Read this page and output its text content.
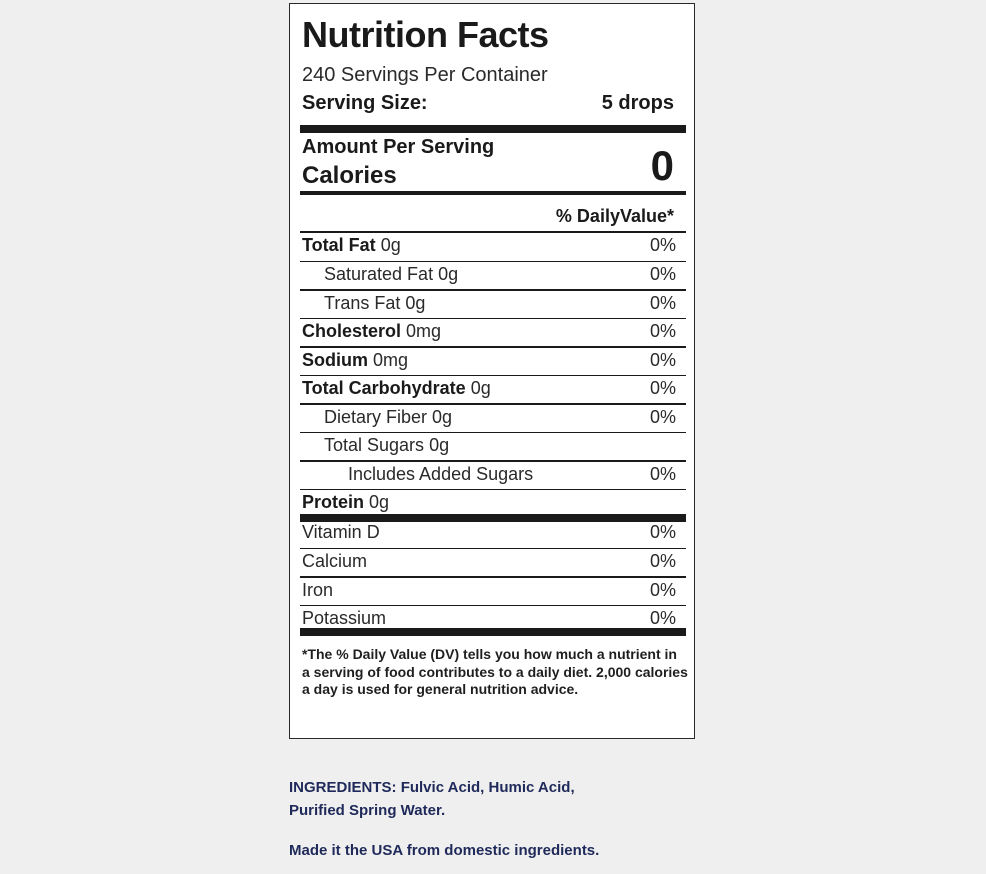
Nutrition Facts
240 Servings Per Container
Serving Size:	5 drops
Amount Per Serving
Calories	0
% DailyValue*
Total Fat 0g	0%
Saturated Fat 0g	0%
Trans Fat 0g	0%
Cholesterol 0mg	0%
Sodium 0mg	0%
Total Carbohydrate 0g	0%
Dietary Fiber 0g	0%
Total Sugars 0g
Includes Added Sugars	0%
Protein 0g
Vitamin D	0%
Calcium	0%
Iron	0%
Potassium	0%
*The % Daily Value (DV) tells you how much a nutrient in a serving of food contributes to a daily diet. 2,000 calories a day is used for general nutrition advice.
INGREDIENTS: Fulvic Acid, Humic Acid, Purified Spring Water.
Made it the USA from domestic ingredients.
